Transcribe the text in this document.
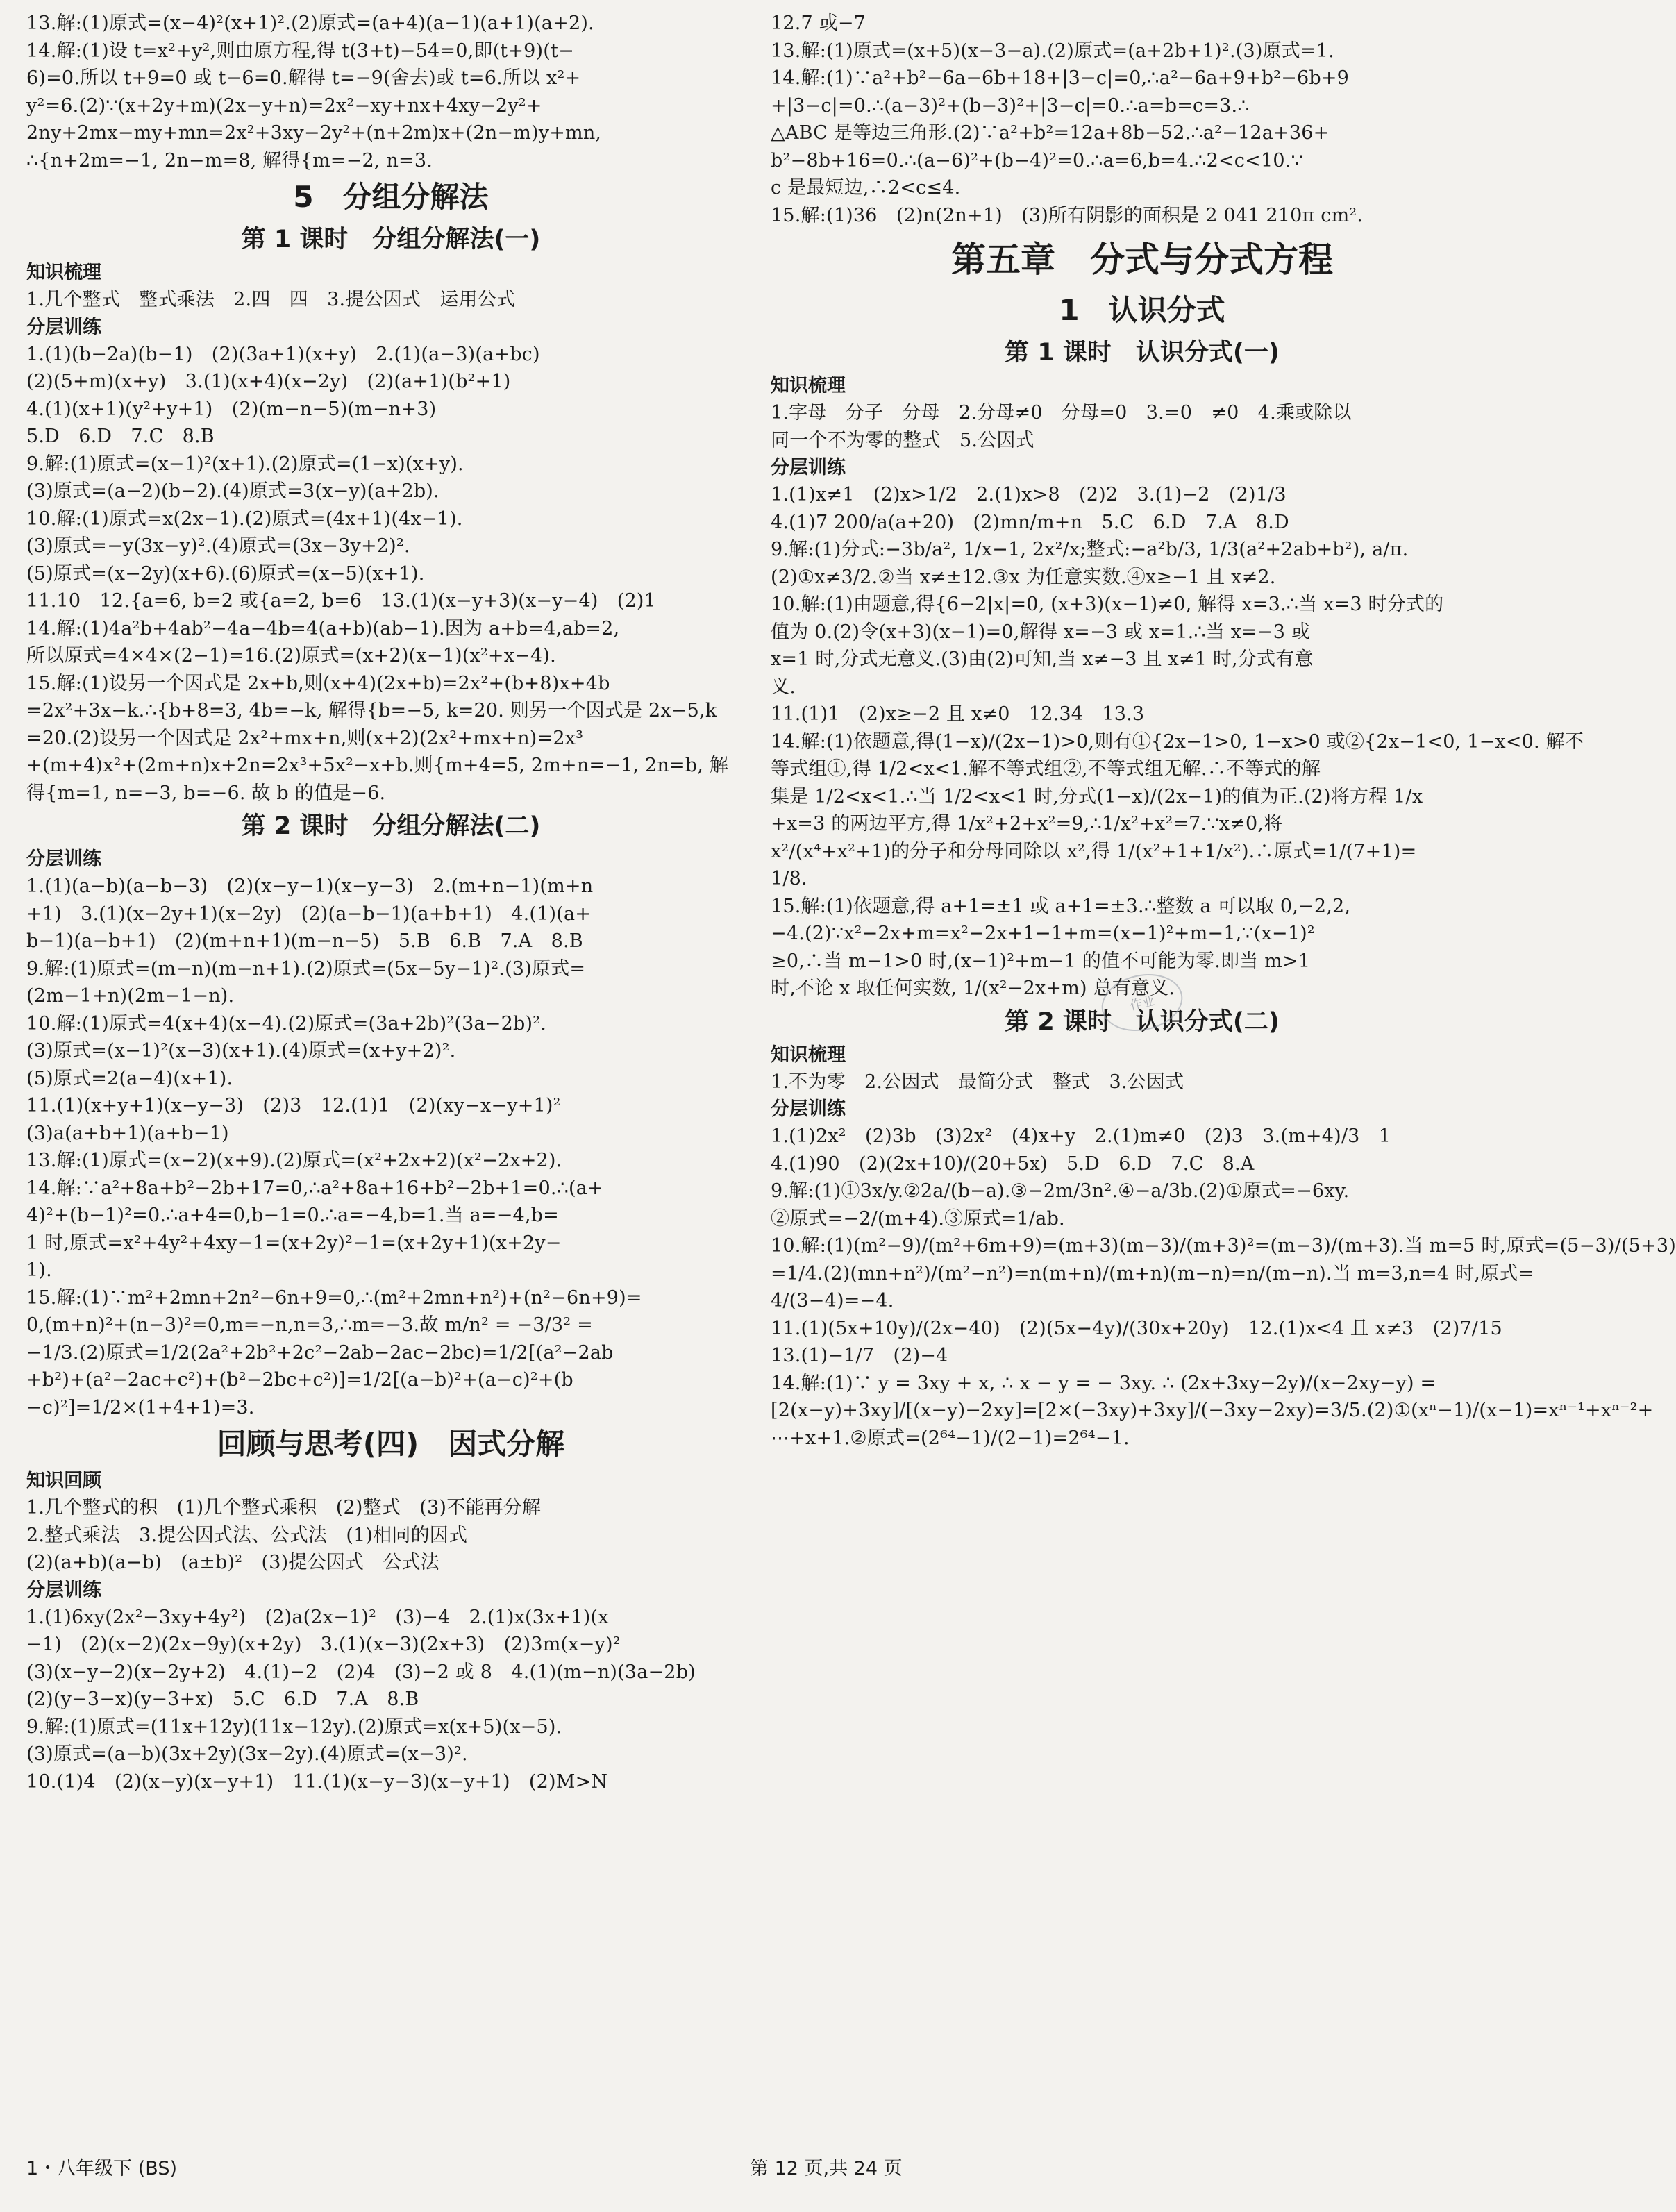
13.解:(1)原式=(x−4)²(x+1)².(2)原式=(a+4)(a−1)(a+1)(a+2).
14.解:(1)设 t=x²+y²,则由原方程,得 t(3+t)−54=0,即(t+9)(t−
6)=0.所以 t+9=0 或 t−6=0.解得 t=−9(舍去)或 t=6.所以 x²+
y²=6.(2)∵(x+2y+m)(2x−y+n)=2x²−xy+nx+4xy−2y²+
2ny+2mx−my+mn=2x²+3xy−2y²+(n+2m)x+(2n−m)y+mn,
∴{n+2m=−1, 2n−m=8, 解得{m=−2, n=3.
5　分组分解法
第 1 课时　分组分解法(一)
知识梳理
1.几个整式　整式乘法　2.四　四　3.提公因式　运用公式
分层训练
1.(1)(b−2a)(b−1)　(2)(3a+1)(x+y)　2.(1)(a−3)(a+bc)
(2)(5+m)(x+y)　3.(1)(x+4)(x−2y)　(2)(a+1)(b²+1)
4.(1)(x+1)(y²+y+1)　(2)(m−n−5)(m−n+3)
5.D　6.D　7.C　8.B
9.解:(1)原式=(x−1)²(x+1).(2)原式=(1−x)(x+y).
(3)原式=(a−2)(b−2).(4)原式=3(x−y)(a+2b).
10.解:(1)原式=x(2x−1).(2)原式=(4x+1)(4x−1).
(3)原式=−y(3x−y)².(4)原式=(3x−3y+2)².
(5)原式=(x−2y)(x+6).(6)原式=(x−5)(x+1).
11.10　12.{a=6, b=2 或{a=2, b=6　13.(1)(x−y+3)(x−y−4)　(2)1
14.解:(1)4a²b+4ab²−4a−4b=4(a+b)(ab−1).因为 a+b=4,ab=2,
所以原式=4×4×(2−1)=16.(2)原式=(x+2)(x−1)(x²+x−4).
15.解:(1)设另一个因式是 2x+b,则(x+4)(2x+b)=2x²+(b+8)x+4b
=2x²+3x−k.∴{b+8=3, 4b=−k, 解得{b=−5, k=20. 则另一个因式是 2x−5,k
=20.(2)设另一个因式是 2x²+mx+n,则(x+2)(2x²+mx+n)=2x³
+(m+4)x²+(2m+n)x+2n=2x³+5x²−x+b.则{m+4=5, 2m+n=−1, 2n=b, 解
得{m=1, n=−3, b=−6. 故 b 的值是−6.
第 2 课时　分组分解法(二)
分层训练
1.(1)(a−b)(a−b−3)　(2)(x−y−1)(x−y−3)　2.(m+n−1)(m+n
+1)　3.(1)(x−2y+1)(x−2y)　(2)(a−b−1)(a+b+1)　4.(1)(a+
b−1)(a−b+1)　(2)(m+n+1)(m−n−5)　5.B　6.B　7.A　8.B
9.解:(1)原式=(m−n)(m−n+1).(2)原式=(5x−5y−1)².(3)原式=
(2m−1+n)(2m−1−n).
10.解:(1)原式=4(x+4)(x−4).(2)原式=(3a+2b)²(3a−2b)².
(3)原式=(x−1)²(x−3)(x+1).(4)原式=(x+y+2)².
(5)原式=2(a−4)(x+1).
11.(1)(x+y+1)(x−y−3)　(2)3　12.(1)1　(2)(xy−x−y+1)²
(3)a(a+b+1)(a+b−1)
13.解:(1)原式=(x−2)(x+9).(2)原式=(x²+2x+2)(x²−2x+2).
14.解:∵a²+8a+b²−2b+17=0,∴a²+8a+16+b²−2b+1=0.∴(a+
4)²+(b−1)²=0.∴a+4=0,b−1=0.∴a=−4,b=1.当 a=−4,b=
1 时,原式=x²+4y²+4xy−1=(x+2y)²−1=(x+2y+1)(x+2y−
1).
15.解:(1)∵m²+2mn+2n²−6n+9=0,∴(m²+2mn+n²)+(n²−6n+9)=
0,(m+n)²+(n−3)²=0,m=−n,n=3,∴m=−3.故 m/n² = −3/3² =
−1/3.(2)原式=1/2(2a²+2b²+2c²−2ab−2ac−2bc)=1/2[(a²−2ab
+b²)+(a²−2ac+c²)+(b²−2bc+c²)]=1/2[(a−b)²+(a−c)²+(b
−c)²]=1/2×(1+4+1)=3.
回顾与思考(四)　因式分解
知识回顾
1.几个整式的积　(1)几个整式乘积　(2)整式　(3)不能再分解
2.整式乘法　3.提公因式法、公式法　(1)相同的因式
(2)(a+b)(a−b)　(a±b)²　(3)提公因式　公式法
分层训练
1.(1)6xy(2x²−3xy+4y²)　(2)a(2x−1)²　(3)−4　2.(1)x(3x+1)(x
−1)　(2)(x−2)(2x−9y)(x+2y)　3.(1)(x−3)(2x+3)　(2)3m(x−y)²
(3)(x−y−2)(x−2y+2)　4.(1)−2　(2)4　(3)−2 或 8　4.(1)(m−n)(3a−2b)
(2)(y−3−x)(y−3+x)　5.C　6.D　7.A　8.B
9.解:(1)原式=(11x+12y)(11x−12y).(2)原式=x(x+5)(x−5).
(3)原式=(a−b)(3x+2y)(3x−2y).(4)原式=(x−3)².
10.(1)4　(2)(x−y)(x−y+1)　11.(1)(x−y−3)(x−y+1)　(2)M>N
12.7 或−7
13.解:(1)原式=(x+5)(x−3−a).(2)原式=(a+2b+1)².(3)原式=1.
14.解:(1)∵a²+b²−6a−6b+18+|3−c|=0,∴a²−6a+9+b²−6b+9
+|3−c|=0.∴(a−3)²+(b−3)²+|3−c|=0.∴a=b=c=3.∴
△ABC 是等边三角形.(2)∵a²+b²=12a+8b−52.∴a²−12a+36+
b²−8b+16=0.∴(a−6)²+(b−4)²=0.∴a=6,b=4.∴2<c<10.∵
c 是最短边,∴2<c≤4.
15.解:(1)36　(2)n(2n+1)　(3)所有阴影的面积是 2 041 210π cm².
第五章　分式与分式方程
1　认识分式
第 1 课时　认识分式(一)
知识梳理
1.字母　分子　分母　2.分母≠0　分母=0　3.=0　≠0　4.乘或除以
同一个不为零的整式　5.公因式
分层训练
1.(1)x≠1　(2)x>1/2　2.(1)x>8　(2)2　3.(1)−2　(2)1/3
4.(1)7 200/a(a+20)　(2)mn/m+n　5.C　6.D　7.A　8.D
9.解:(1)分式:−3b/a², 1/x−1, 2x²/x;整式:−a²b/3, 1/3(a²+2ab+b²), a/π.
(2)①x≠3/2.②当 x≠±12.③x 为任意实数.④x≥−1 且 x≠2.
10.解:(1)由题意,得{6−2|x|=0, (x+3)(x−1)≠0, 解得 x=3.∴当 x=3 时分式的
值为 0.(2)令(x+3)(x−1)=0,解得 x=−3 或 x=1.∴当 x=−3 或
x=1 时,分式无意义.(3)由(2)可知,当 x≠−3 且 x≠1 时,分式有意
义.
11.(1)1　(2)x≥−2 且 x≠0　12.34　13.3
14.解:(1)依题意,得(1−x)/(2x−1)>0,则有①{2x−1>0, 1−x>0 或②{2x−1<0, 1−x<0. 解不
等式组①,得 1/2<x<1.解不等式组②,不等式组无解.∴不等式的解
集是 1/2<x<1.∴当 1/2<x<1 时,分式(1−x)/(2x−1)的值为正.(2)将方程 1/x
+x=3 的两边平方,得 1/x²+2+x²=9,∴1/x²+x²=7.∵x≠0,将
x²/(x⁴+x²+1)的分子和分母同除以 x²,得 1/(x²+1+1/x²).∴原式=1/(7+1)=
1/8.
15.解:(1)依题意,得 a+1=±1 或 a+1=±3.∴整数 a 可以取 0,−2,2,
−4.(2)∵x²−2x+m=x²−2x+1−1+m=(x−1)²+m−1,∵(x−1)²
≥0,∴当 m−1>0 时,(x−1)²+m−1 的值不可能为零.即当 m>1
时,不论 x 取任何实数, 1/(x²−2x+m) 总有意义.
第 2 课时　认识分式(二)
知识梳理
1.不为零　2.公因式　最简分式　整式　3.公因式
分层训练
1.(1)2x²　(2)3b　(3)2x²　(4)x+y　2.(1)m≠0　(2)3　3.(m+4)/3　1
4.(1)90　(2)(2x+10)/(20+5x)　5.D　6.D　7.C　8.A
9.解:(1)①3x/y.②2a/(b−a).③−2m/3n².④−a/3b.(2)①原式=−6xy.
②原式=−2/(m+4).③原式=1/ab.
10.解:(1)(m²−9)/(m²+6m+9)=(m+3)(m−3)/(m+3)²=(m−3)/(m+3).当 m=5 时,原式=(5−3)/(5+3)
=1/4.(2)(mn+n²)/(m²−n²)=n(m+n)/(m+n)(m−n)=n/(m−n).当 m=3,n=4 时,原式=
4/(3−4)=−4.
11.(1)(5x+10y)/(2x−40)　(2)(5x−4y)/(30x+20y)　12.(1)x<4 且 x≠3　(2)7/15
13.(1)−1/7　(2)−4
14.解:(1)∵ y = 3xy + x, ∴ x − y = − 3xy. ∴ (2x+3xy−2y)/(x−2xy−y) =
[2(x−y)+3xy]/[(x−y)−2xy]=[2×(−3xy)+3xy]/(−3xy−2xy)=3/5.(2)①(xⁿ−1)/(x−1)=xⁿ⁻¹+xⁿ⁻²+
⋯+x+1.②原式=(2⁶⁴−1)/(2−1)=2⁶⁴−1.
作业
1・八年级下 (BS)	第 12 页,共 24 页
